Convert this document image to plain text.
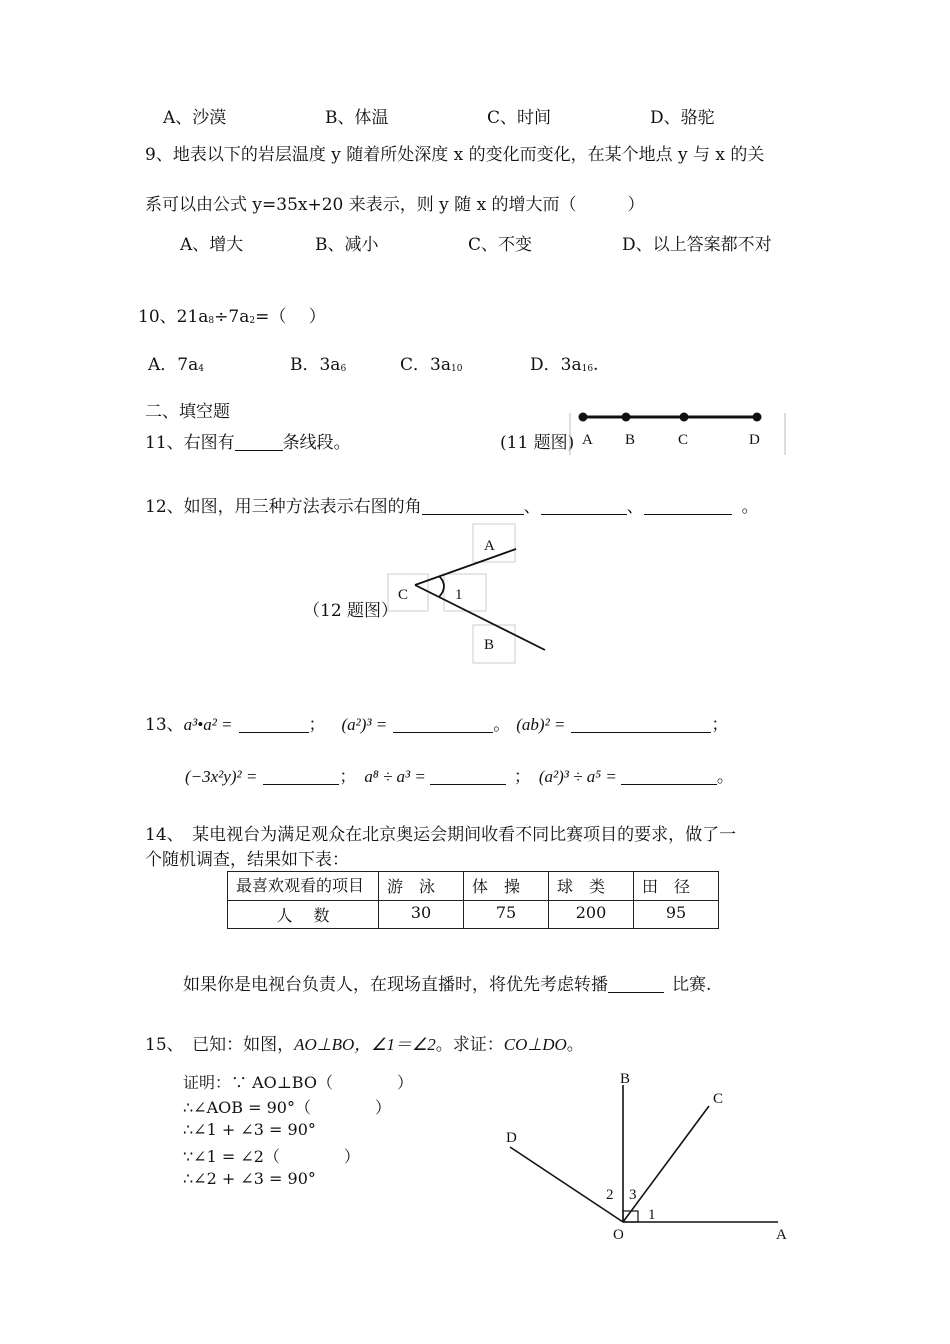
A、沙漠	B、体温	C、时间	D、骆驼
9、地表以下的岩层温度 y 随着所处深度 x 的变化而变化，在某个地点 y 与 x 的关
系可以由公式 y=35x+20 来表示，则 y 随 x 的增大而（　　　）
A、增大	B、减小	C、不变	D、以上答案都不对
10、$21a_8\div 7a_2=$（　 ）
A．$7a_4$	B．$3a_6$	C．$3a_{10}$	D．$3a_{16}$.
二、填空题
11、右图有	条线段。	(11 题图) A B	C	D
12、如图，用三种方法表示右图的角	、	、	。
（12 题图）
A
C	1
B
13、a³•a² =	； (a²)³ =	。 (ab)² =	；
(−3x²y)² =	； a⁸ ÷ a³ =	； (a²)³ ÷ a⁵ =	。
14、　某电视台为满足观众在北京奥运会期间收看不同比赛项目的要求，做了一
个随机调查，结果如下表：
最喜欢观看的项目	游　泳	体　操	球　类	田　径
人　 数	30	75	200	95
如果你是电视台负责人，在现场直播时，将优先考虑转播	比赛.
15、　已知：如图，AO⊥BO，∠1＝∠2。求证：CO⊥DO。
证明：∵ AO⊥BO（　　　　）
∴∠AOB = 90°（　　　　）
∴∠1 + ∠3 = 90°
∵∠1 = ∠2（　　　　）
∴∠2 + ∠3 = 90°
B
C
D
O	A
1
2 3
